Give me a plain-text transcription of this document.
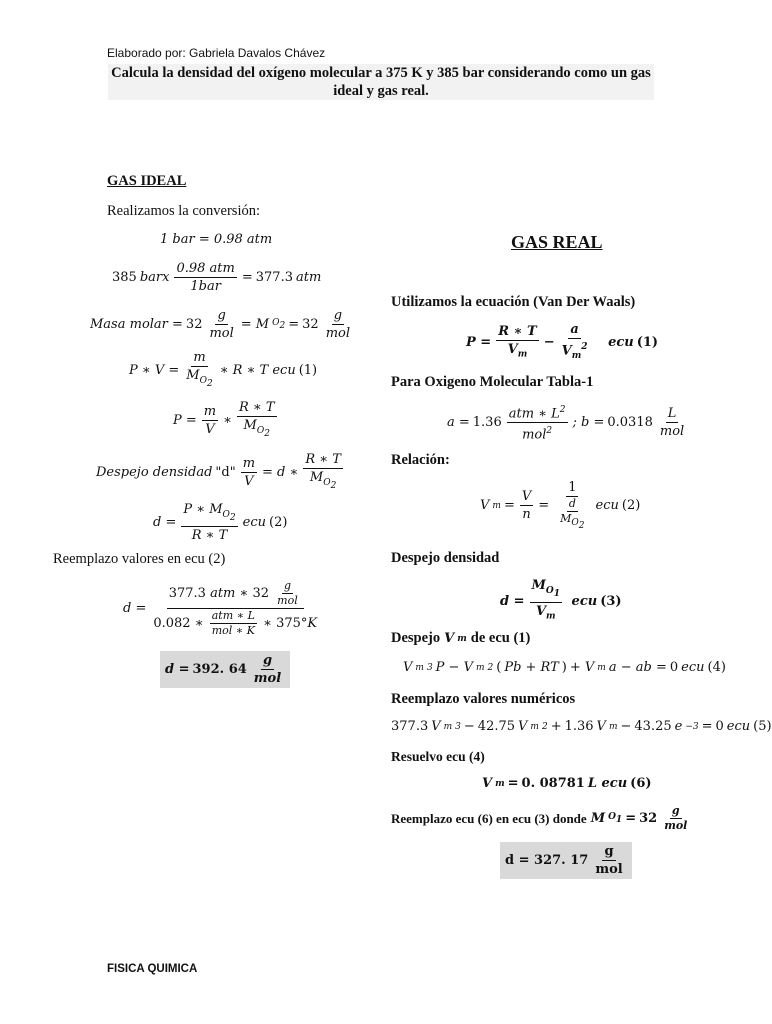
Elaborado por: Gabriela Davalos Chávez
Calcula la densidad del oxígeno molecular a 375 K y 385 bar considerando como un gas ideal y gas real.
GAS IDEAL
Realizamos la conversión:
1 bar = 0.98 atm
385 barx $\frac{\text{0.98 atm}}{\text{1bar}} = 377.3$ atm
Masa molar = $32 \frac{g}{\text{mol}} = M$ $O_2 = 32 \frac{g}{\text{mol}}$
P ∗ $V = \frac{m}{M_{O_2}}$ ∗ R ∗ T ecu (1)
$P = \frac{m}{V}$ ∗ $\frac{R ∗ T}{M_{O_2}}$
Despejo densidad "d" $\frac{m}{V} = d$ ∗ $\frac{R ∗ T}{M_{O_2}}$
$d = \frac{P ∗ M_{O_2}}{R ∗ T}$ ecu (2)
Reemplazo valores en ecu (2)
$d = \frac{377.3 atm ∗ 32 \frac{g}{\text{mol}}}{0.082 ∗ \frac{\text{atm ∗ L}}{\text{mol ∗ K}} ∗ 375^\circ K}$
d = 392. $64 \frac{g}{\text{mol}}$
GAS REAL
Utilizamos la ecuación (Van Der Waals)
$P = \frac{R ∗ T}{V_m} - \frac{a}{V_m^2}$ ecu (1)
Para Oxigeno Molecular Tabla-1
$a = 1.36 \frac{atm ∗ L^2}{mol^2}$ ; $b = 0.0318 \frac{L}{\text{mol}}$
Relación:
V $m = \frac{V}{n} = \frac{1}{\frac{d}{M_{O_2}}}$ ecu (2)
Despejo densidad
$d = \frac{M_{O_1}}{V_m}$ ecu (3)
Despejo V m de ecu (1)
V m 3 P − V m 2 ( Pb + RT ) + V m a − ab = 0 ecu (4)
Reemplazo valores numéricos
377.3 V m 3 − 42.75 V m 2 + 1.36 V m − 43.25 e −3 = 0 ecu (5)
Resuelvo ecu (4)
V m = 0. 08781 L ecu (6)
Reemplazo ecu (6) en ecu (3) donde M $O_1 = 32 \frac{g}{\text{mol}}$
d = 327. $17 \frac{g}{\text{mol}}$
FISICA QUIMICA
